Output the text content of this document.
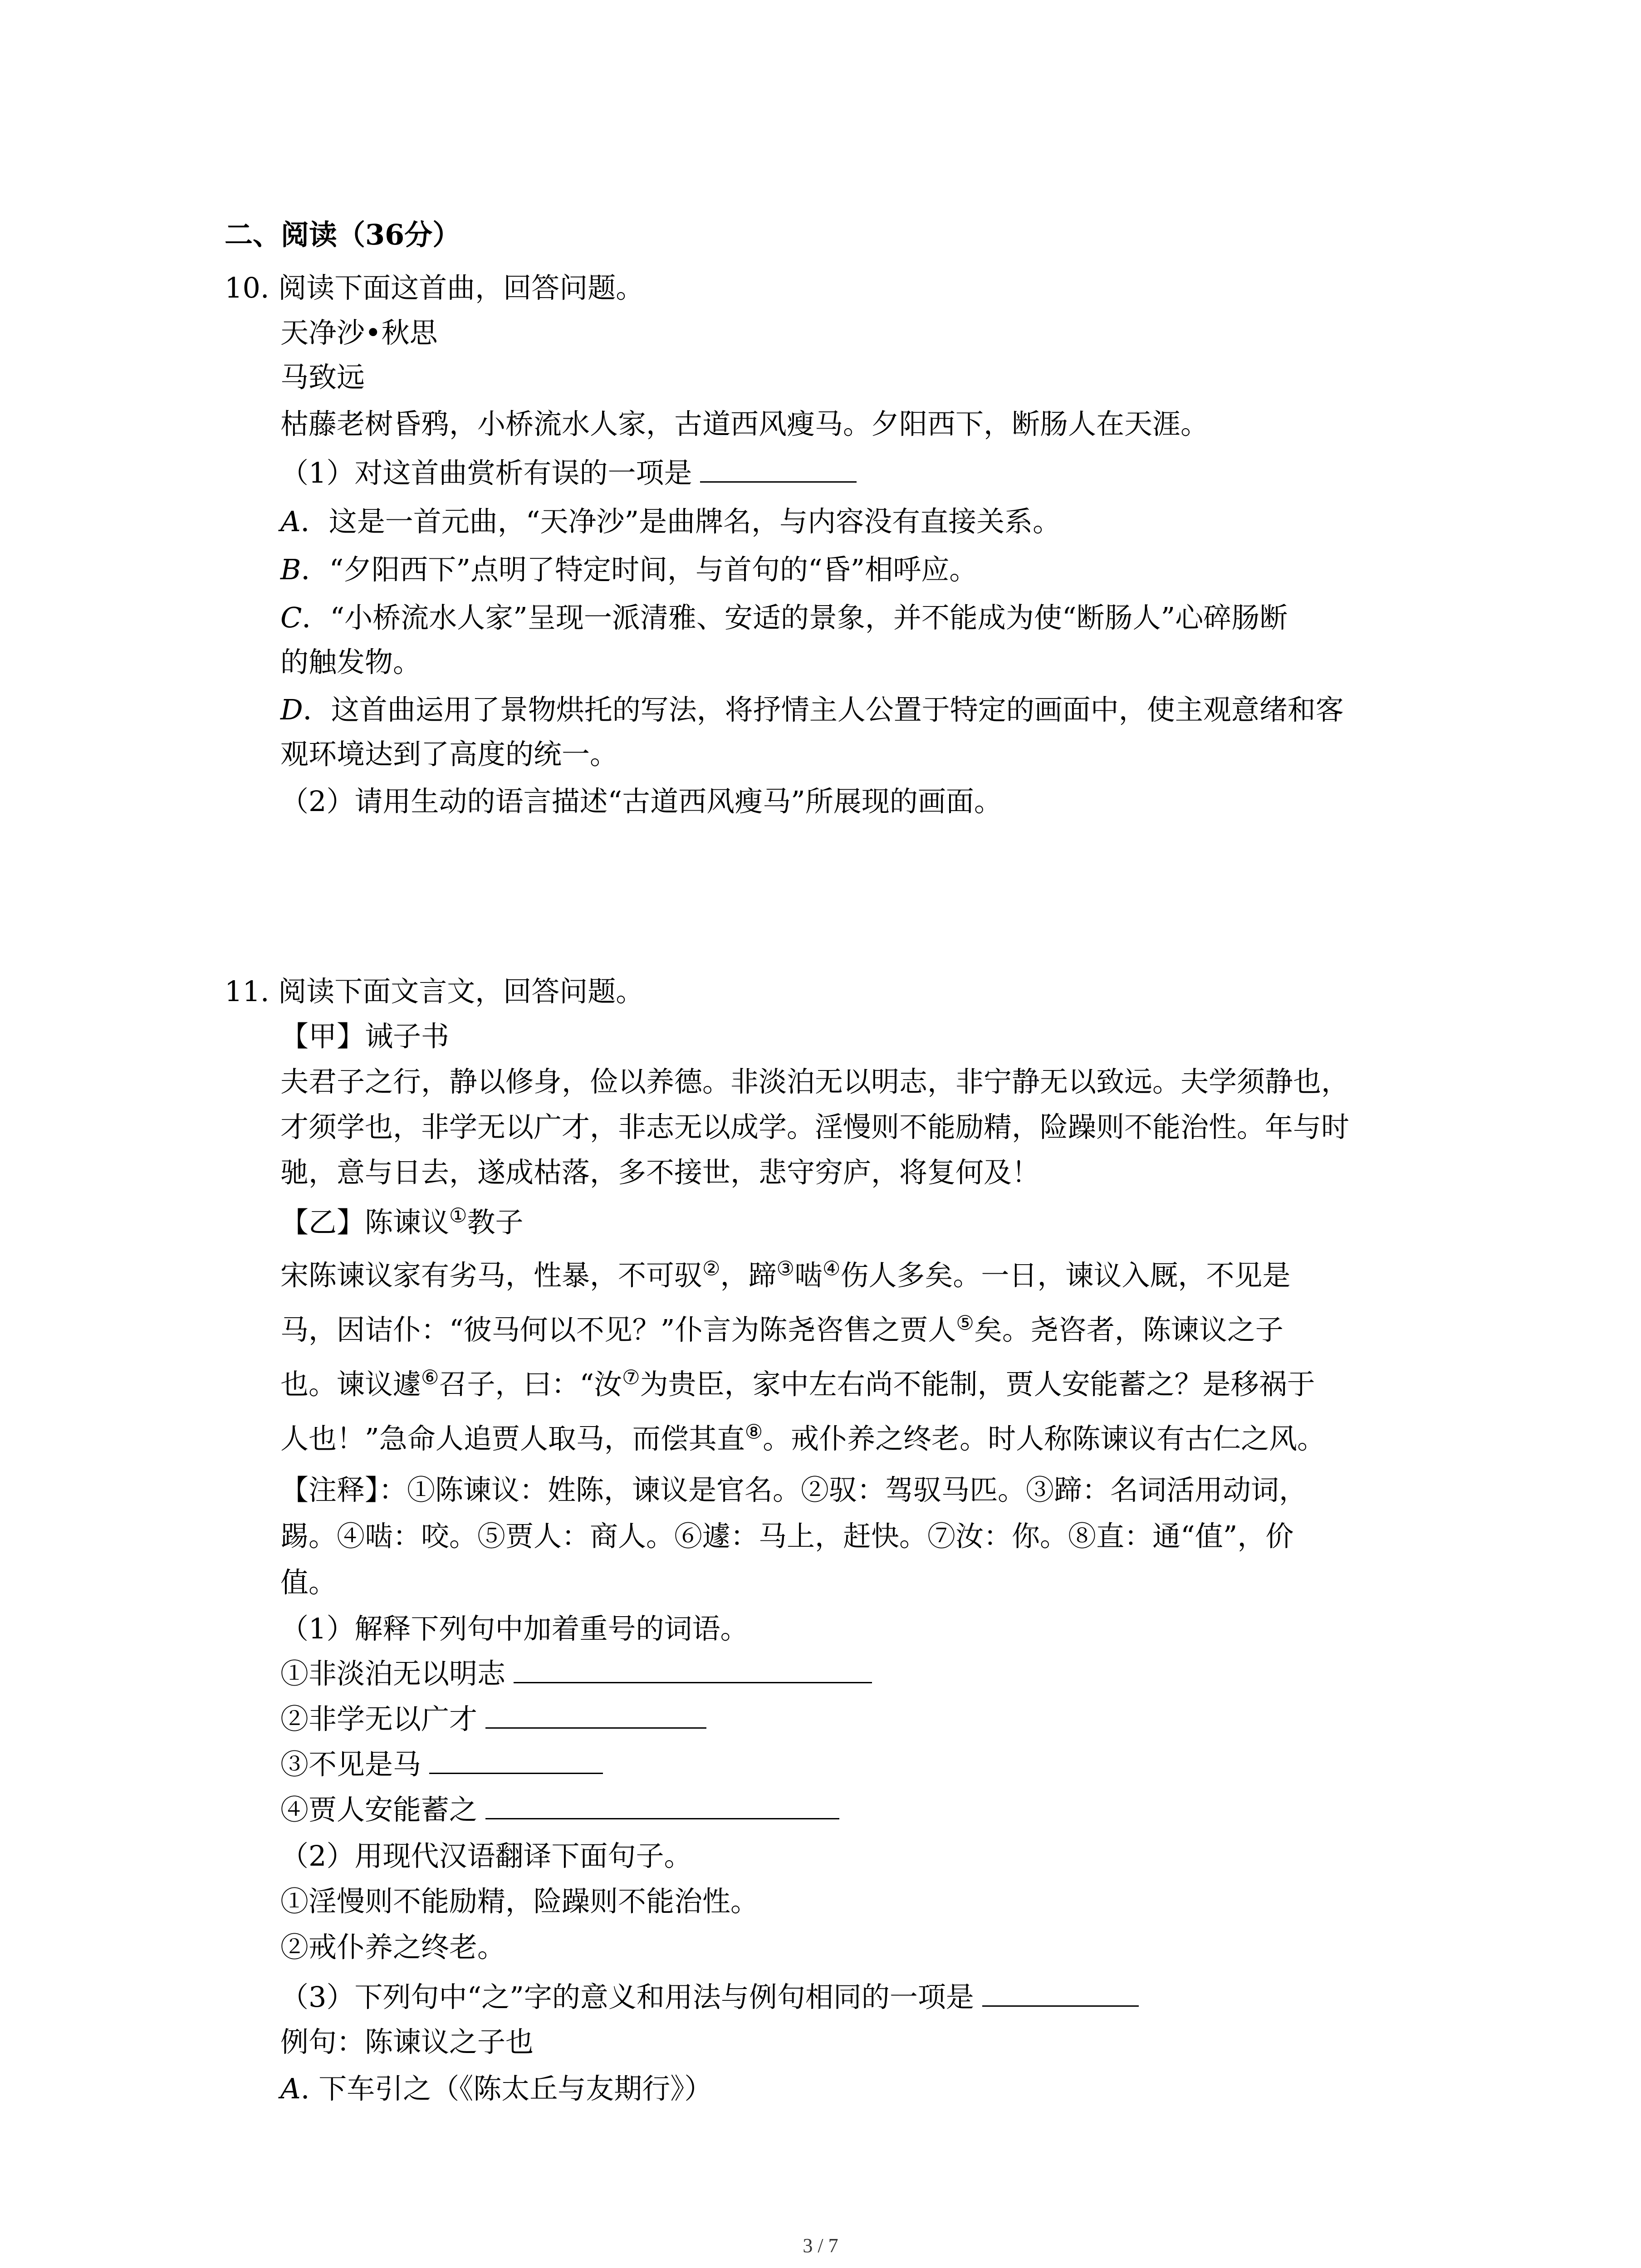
二、阅读（36分）
10. 阅读下面这首曲，回答问题。
天净沙•秋思
马致远
枯藤老树昏鸦，小桥流水人家，古道西风瘦马。夕阳西下，断肠人在天涯。
（1）对这首曲赏析有误的一项是
A．这是一首元曲，“天净沙”是曲牌名，与内容没有直接关系。
B．“夕阳西下”点明了特定时间，与首句的“昏”相呼应。
C．“小桥流水人家”呈现一派清雅、安适的景象，并不能成为使“断肠人”心碎肠断
的触发物。
D．这首曲运用了景物烘托的写法，将抒情主人公置于特定的画面中，使主观意绪和客
观环境达到了高度的统一。
（2）请用生动的语言描述“古道西风瘦马”所展现的画面。
11. 阅读下面文言文，回答问题。
【甲】诫子书
夫君子之行，静以修身，俭以养德。非淡泊无以明志，非宁静无以致远。夫学须静也，
才须学也，非学无以广才，非志无以成学。淫慢则不能励精，险躁则不能治性。年与时
驰，意与日去，遂成枯落，多不接世，悲守穷庐，将复何及！
【乙】陈谏议①教子
宋陈谏议家有劣马，性暴，不可驭②，蹄③啮④伤人多矣。一日，谏议入厩，不见是
马，因诘仆：“彼马何以不见？”仆言为陈尧咨售之贾人⑤矣。尧咨者，陈谏议之子
也。谏议遽⑥召子，曰：“汝⑦为贵臣，家中左右尚不能制，贾人安能蓄之？是移祸于
人也！”急命人追贾人取马，而偿其直⑧。戒仆养之终老。时人称陈谏议有古仁之风。
【注释】：①陈谏议：姓陈，谏议是官名。②驭：驾驭马匹。③蹄：名词活用动词，
踢。④啮：咬。⑤贾人：商人。⑥遽：马上，赶快。⑦汝：你。⑧直：通“值”，价
值。
（1）解释下列句中加着重号的词语。
①非淡泊无以明志
②非学无以广才
③不见是马
④贾人安能蓄之
（2）用现代汉语翻译下面句子。
①淫慢则不能励精，险躁则不能治性。
②戒仆养之终老。
（3）下列句中“之”字的意义和用法与例句相同的一项是
例句：陈谏议之子也
A. 下车引之（《陈太丘与友期行》）
3 / 7
